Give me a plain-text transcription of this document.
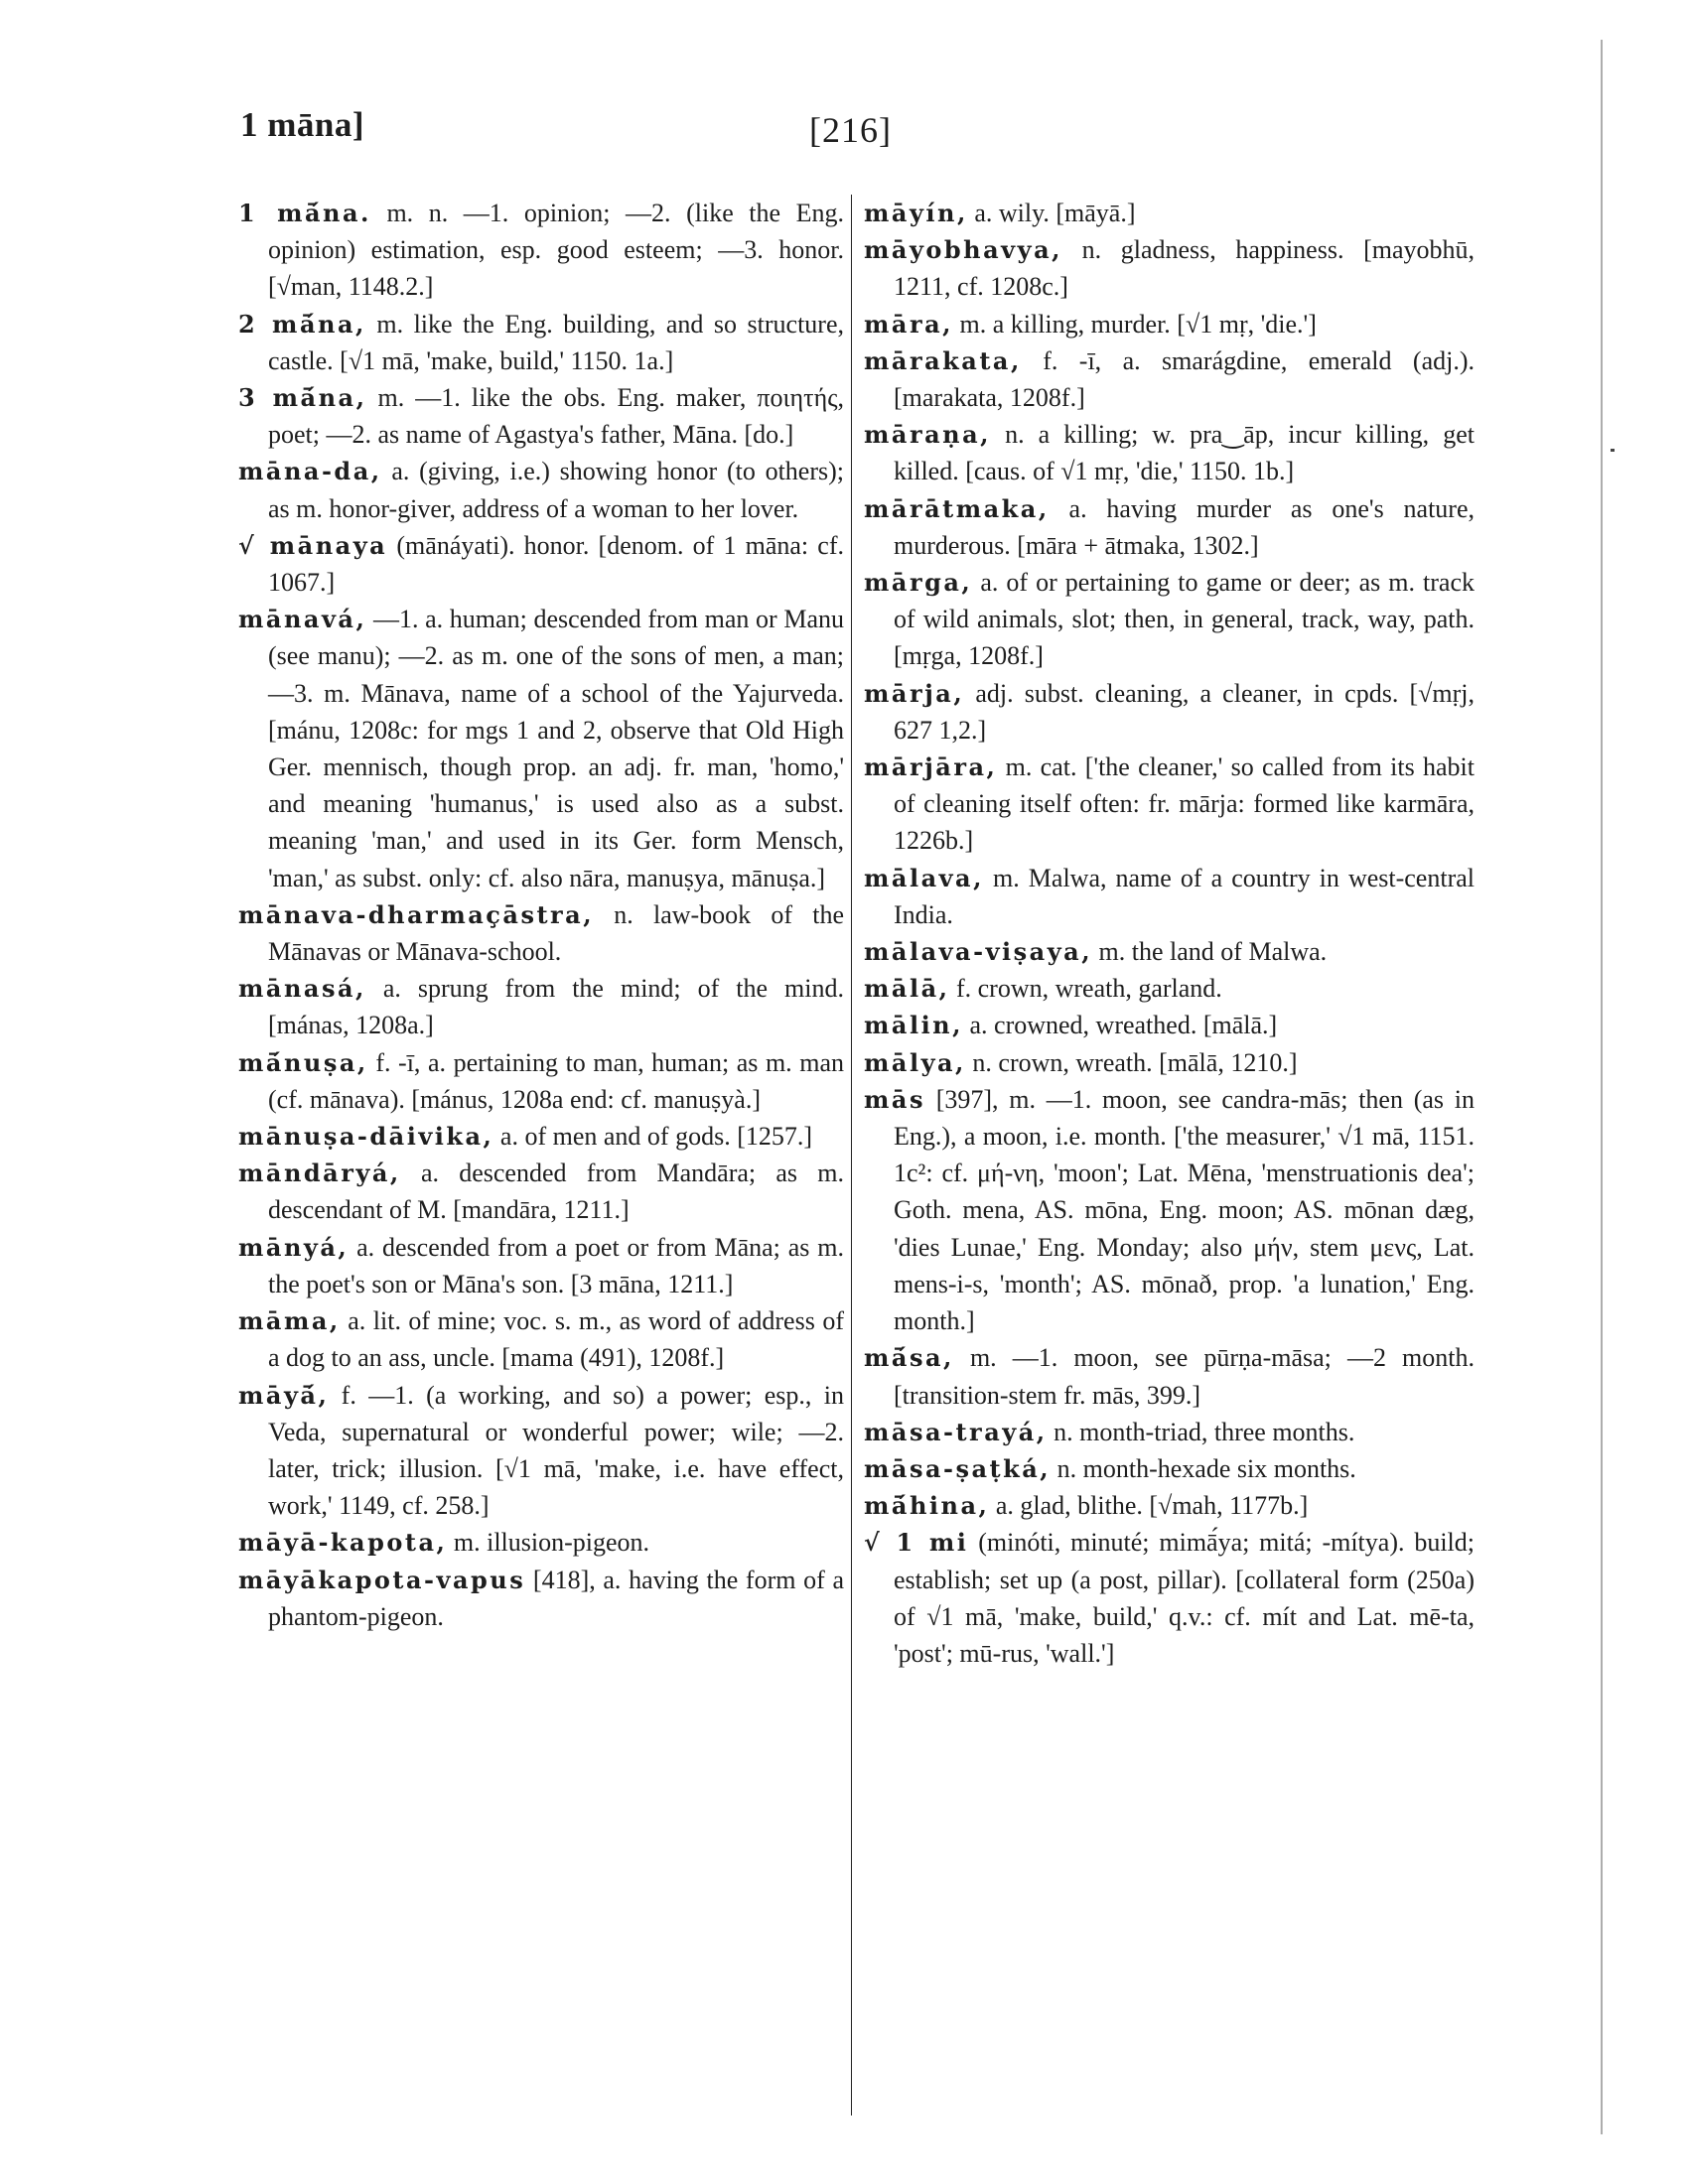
1 māna]	[216]
1 mā́na. m. n. —1. opinion; —2. (like the Eng. opinion) estimation, esp. good esteem; —3. honor. [√man, 1148.2.]
2 mā́na, m. like the Eng. building, and so structure, castle. [√1 mā, 'make, build,' 1150. 1a.]
3 mā́na, m. —1. like the obs. Eng. maker, ποιητής, poet; —2. as name of Agastya's father, Māna. [do.]
māna-da, a. (giving, i.e.) showing honor (to others); as m. honor-giver, address of a woman to her lover.
√ mānaya (mānáyati). honor. [denom. of 1 māna: cf. 1067.]
mānavá, —1. a. human; descended from man or Manu (see manu); —2. as m. one of the sons of men, a man; —3. m. Mānava, name of a school of the Yajurveda. [mánu, 1208c: for mgs 1 and 2, observe that Old High Ger. mennisch, though prop. an adj. fr. man, 'homo,' and meaning 'humanus,' is used also as a subst. meaning 'man,' and used in its Ger. form Mensch, 'man,' as subst. only: cf. also nāra, manuṣya, mānuṣa.]
mānava-dharmaçāstra, n. law-book of the Mānavas or Mānava-school.
mānasá, a. sprung from the mind; of the mind. [mánas, 1208a.]
mā́nuṣa, f. -ī, a. pertaining to man, human; as m. man (cf. mānava). [mánus, 1208a end: cf. manuṣyà.]
mānuṣa-dāivika, a. of men and of gods. [1257.]
māndāryá, a. descended from Mandāra; as m. descendant of M. [mandāra, 1211.]
mānyá, a. descended from a poet or from Māna; as m. the poet's son or Māna's son. [3 māna, 1211.]
māma, a. lit. of mine; voc. s. m., as word of address of a dog to an ass, uncle. [mama (491), 1208f.]
māyā́, f. —1. (a working, and so) a power; esp., in Veda, supernatural or wonderful power; wile; —2. later, trick; illusion. [√1 mā, 'make, i.e. have effect, work,' 1149, cf. 258.]
māyā-kapota, m. illusion-pigeon.
māyākapota-vapus [418], a. having the form of a phantom-pigeon.
māyín, a. wily. [māyā.]
māyobhavya, n. gladness, happiness. [mayobhū, 1211, cf. 1208c.]
māra, m. a killing, murder. [√1 mṛ, 'die.']
mārakata, f. -ī, a. smarágdine, emerald (adj.). [marakata, 1208f.]
māraṇa, n. a killing; w. pra‿āp, incur killing, get killed. [caus. of √1 mṛ, 'die,' 1150. 1b.]
mārātmaka, a. having murder as one's nature, murderous. [māra + ātmaka, 1302.]
mārga, a. of or pertaining to game or deer; as m. track of wild animals, slot; then, in general, track, way, path. [mṛga, 1208f.]
mārja, adj. subst. cleaning, a cleaner, in cpds. [√mṛj, 627 1,2.]
mārjāra, m. cat. ['the cleaner,' so called from its habit of cleaning itself often: fr. mārja: formed like karmāra, 1226b.]
mālava, m. Malwa, name of a country in west-central India.
mālava-viṣaya, m. the land of Malwa.
mālā, f. crown, wreath, garland.
mālin, a. crowned, wreathed. [mālā.]
mālya, n. crown, wreath. [mālā, 1210.]
mās [397], m. —1. moon, see candra-mās; then (as in Eng.), a moon, i.e. month. ['the measurer,' √1 mā, 1151. 1c²: cf. μή-νη, 'moon'; Lat. Mēna, 'menstruationis dea'; Goth. mena, AS. mōna, Eng. moon; AS. mōnan dæg, 'dies Lunae,' Eng. Monday; also μήν, stem μενς, Lat. mens-i-s, 'month'; AS. mōnað, prop. 'a lunation,' Eng. month.]
mā́sa, m. —1. moon, see pūrṇa-māsa; —2 month. [transition-stem fr. mās, 399.]
māsa-trayá, n. month-triad, three months.
māsa-ṣaṭká, n. month-hexade six months.
mā́hina, a. glad, blithe. [√mah, 1177b.]
√ 1 mi (minóti, minuté; mimā́ya; mitá; -mítya). build; establish; set up (a post, pillar). [collateral form (250a) of √1 mā, 'make, build,' q.v.: cf. mít and Lat. mē-ta, 'post'; mū-rus, 'wall.']
